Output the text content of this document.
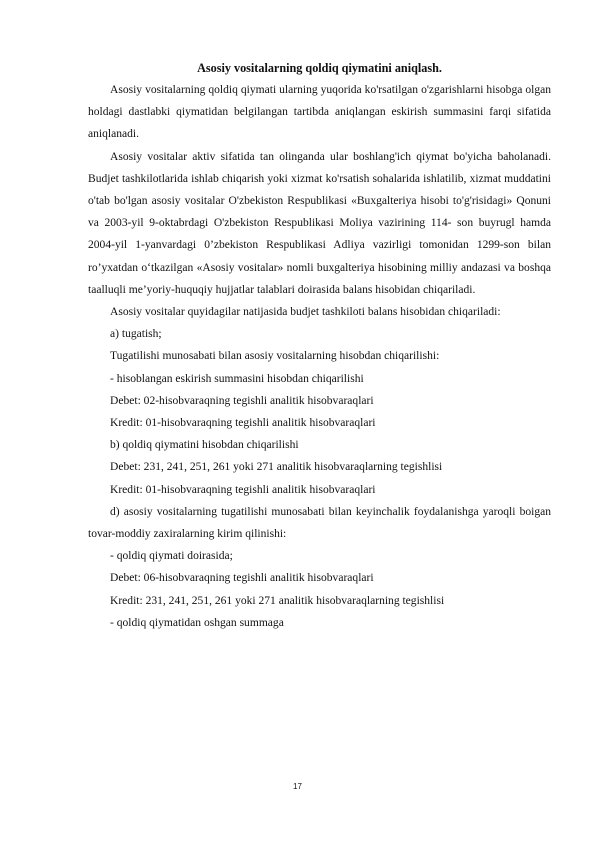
Asosiy vositalarning qoldiq qiymatini aniqlash.

Asosiy vositalarning qoldiq qiymati ularning yuqorida ko'rsatilgan o'zgarishlarni hisobga olgan holdagi dastlabki qiymatidan belgilangan tartibda aniqlangan eskirish summasini farqi sifatida aniqlanadi.

Asosiy vositalar aktiv sifatida tan olinganda ular boshlang'ich qiymat bo'yicha baholanadi. Budjet tashkilotlarida ishlab chiqarish yoki xizmat ko'rsatish sohalarida ishlatilib, xizmat muddatini o'tab bo'lgan asosiy vositalar O'zbekiston Respublikasi «Buxgalteriya hisobi to'g'risidagi» Qonuni va 2003-yil 9-oktabrdagi O'zbekiston Respublikasi Moliya vazirining 114- son buyrugl hamda 2004-yil 1-yanvardagi 0’zbekiston Respublikasi Adliya vazirligi tomonidan 1299-son bilan ro’yxatdan o‘tkazilgan «Asosiy vositalar» nomli buxgalteriya hisobining milliy andazasi va boshqa taalluqli me’yoriy-huquqiy hujjatlar talablari doirasida balans hisobidan chiqariladi.

Asosiy vositalar quyidagilar natijasida budjet tashkiloti balans hisobidan chiqariladi:

a) tugatish;
Tugatilishi munosabati bilan asosiy vositalarning hisobdan chiqarilishi:
- hisoblangan eskirish summasini hisobdan chiqarilishi
Debet: 02-hisobvaraqning tegishli analitik hisobvaraqlari
Kredit: 01-hisobvaraqning tegishli analitik hisobvaraqlari
b) qoldiq qiymatini hisobdan chiqarilishi
Debet: 231, 241, 251, 261 yoki 271 analitik hisobvaraqlarning tegishlisi
Kredit: 01-hisobvaraqning tegishli analitik hisobvaraqlari

d) asosiy vositalarning tugatilishi munosabati bilan keyinchalik foydalanishga yaroqli boigan tovar-moddiy zaxiralarning kirim qilinishi:

- qoldiq qiymati doirasida;
Debet: 06-hisobvaraqning tegishli analitik hisobvaraqlari
Kredit: 231, 241, 251, 261 yoki 271 analitik hisobvaraqlarning tegishlisi
- qoldiq qiymatidan oshgan summaga
17
